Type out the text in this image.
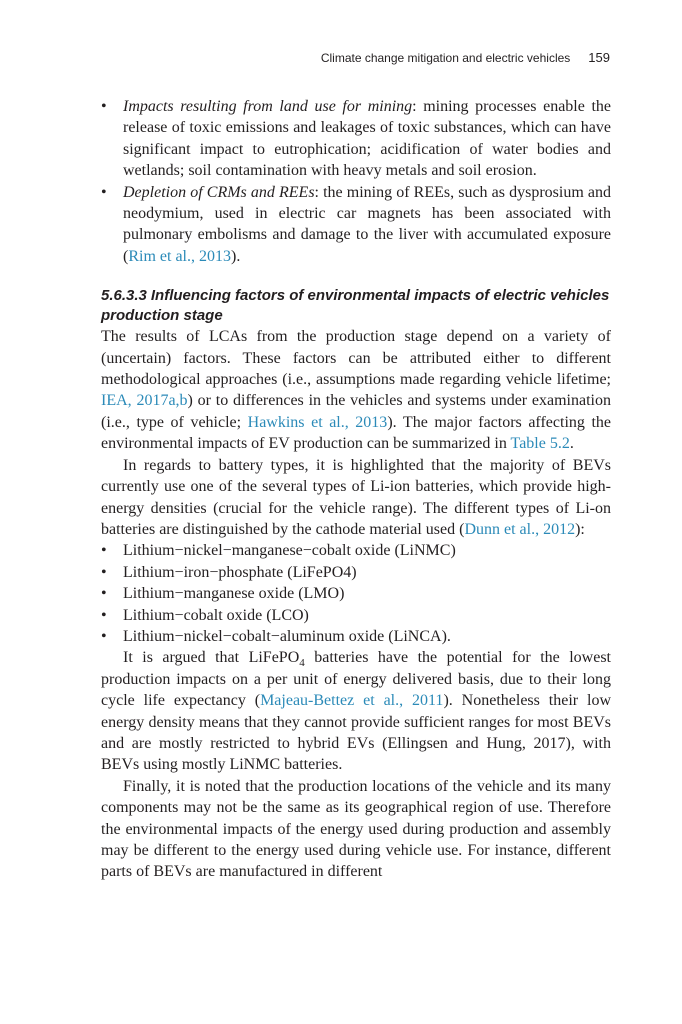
Climate change mitigation and electric vehicles 159
• Impacts resulting from land use for mining: mining processes enable the release of toxic emissions and leakages of toxic substances, which can have significant impact to eutrophication; acidification of water bodies and wetlands; soil contamination with heavy metals and soil erosion.
• Depletion of CRMs and REEs: the mining of REEs, such as dysprosium and neodymium, used in electric car magnets has been associated with pulmonary embolisms and damage to the liver with accumulated exposure (Rim et al., 2013).
5.6.3.3 Influencing factors of environmental impacts of electric vehicles production stage

The results of LCAs from the production stage depend on a variety of (uncertain) factors. These factors can be attributed either to different methodological approaches (i.e., assumptions made regarding vehicle lifetime; IEA, 2017a,b) or to differences in the vehicles and systems under examination (i.e., type of vehicle; Hawkins et al., 2013). The major factors affecting the environmental impacts of EV production can be summarized in Table 5.2.

In regards to battery types, it is highlighted that the majority of BEVs currently use one of the several types of Li-ion batteries, which provide high-energy densities (crucial for the vehicle range). The different types of Li-on batteries are distinguished by the cathode material used (Dunn et al., 2012):

• Lithium−nickel−manganese−cobalt oxide (LiNMC)
• Lithium−iron−phosphate (LiFePO4)
• Lithium−manganese oxide (LMO)
• Lithium−cobalt oxide (LCO)
• Lithium−nickel−cobalt−aluminum oxide (LiNCA).

It is argued that LiFePO$_4$ batteries have the potential for the lowest production impacts on a per unit of energy delivered basis, due to their long cycle life expectancy (Majeau-Bettez et al., 2011). Nonetheless their low energy density means that they cannot provide sufficient ranges for most BEVs and are mostly restricted to hybrid EVs (Ellingsen and Hung, 2017), with BEVs using mostly LiNMC batteries.

Finally, it is noted that the production locations of the vehicle and its many components may not be the same as its geographical region of use. Therefore the environmental impacts of the energy used during production and assembly may be different to the energy used during vehicle use. For instance, different parts of BEVs are manufactured in different
